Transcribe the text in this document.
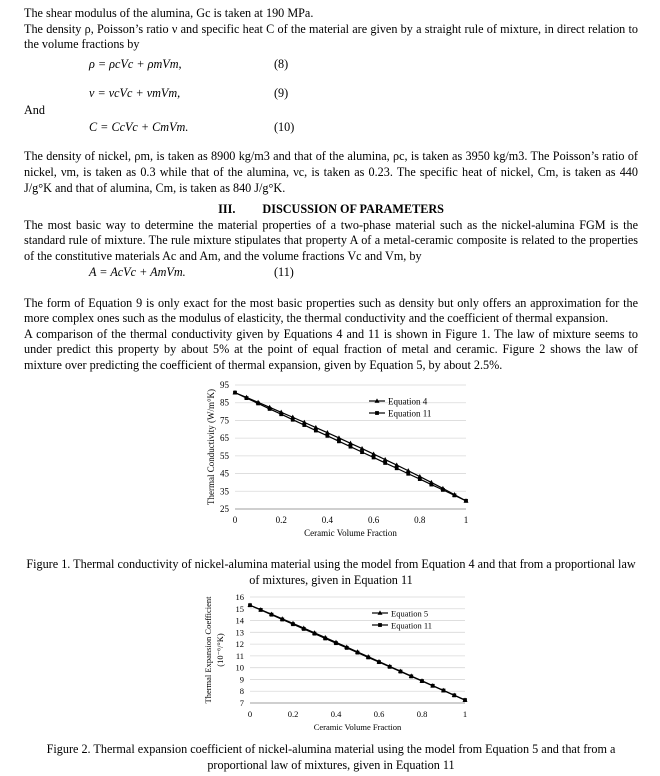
The shear modulus of the alumina, Gc is taken at 190 MPa.

The density ρ, Poisson’s ratio ν and specific heat C of the material are given by a straight rule of mixture, in direct relation to the volume fractions by

ρ = ρcVc + ρmVm,	(8)
ν = νcVc + νmVm,	(9)

And

C = CcVc + CmVm.	(10)

The density of nickel, ρm, is taken as 8900 kg/m3 and that of the alumina, ρc, is taken as 3950 kg/m3. The Poisson’s ratio of nickel, νm, is taken as 0.3 while that of the alumina, νc, is taken as 0.23. The specific heat of nickel, Cm, is taken as 440 J/g°K and that of alumina, Cm, is taken as 840 J/g°K.

III. DISCUSSION OF PARAMETERS

The most basic way to determine the material properties of a two-phase material such as the nickel-alumina FGM is the standard rule of mixture. The rule mixture stipulates that property A of a metal-ceramic composite is related to the properties of the constitutive materials Ac and Am, and the volume fractions Vc and Vm, by

A = AcVc + AmVm.	(11)

The form of Equation 9 is only exact for the most basic properties such as density but only offers an approximation for the more complex ones such as the modulus of elasticity, the thermal conductivity and the coefficient of thermal expansion.

A comparison of the thermal conductivity given by Equations 4 and 11 is shown in Figure 1. The law of mixture seems to under predict this property by about 5% at the point of equal fraction of metal and ceramic. Figure 2 shows the law of mixture over predicting the coefficient of thermal expansion, given by Equation 5, by about 2.5%.

25
35
45
55
65
75
85
95
0	0.2	0.4	0.6	0.8	1
Equation 4
Equation 11
Ceramic Volume Fraction
Thermal Conductivity (W/m°K)

Figure 1. Thermal conductivity of nickel-alumina material using the model from Equation 4 and that from a proportional law of mixtures, given in Equation 11

7
8
9
10
11
12
13
14
15
16
0	0.2	0.4	0.6	0.8	1
Equation 5
Equation 11
Ceramic Volume Fraction
Thermal Expansion Coefficient (10⁻⁶/°K)

Figure 2. Thermal expansion coefficient of nickel-alumina material using the model from Equation 5 and that from a proportional law of mixtures, given in Equation 11
